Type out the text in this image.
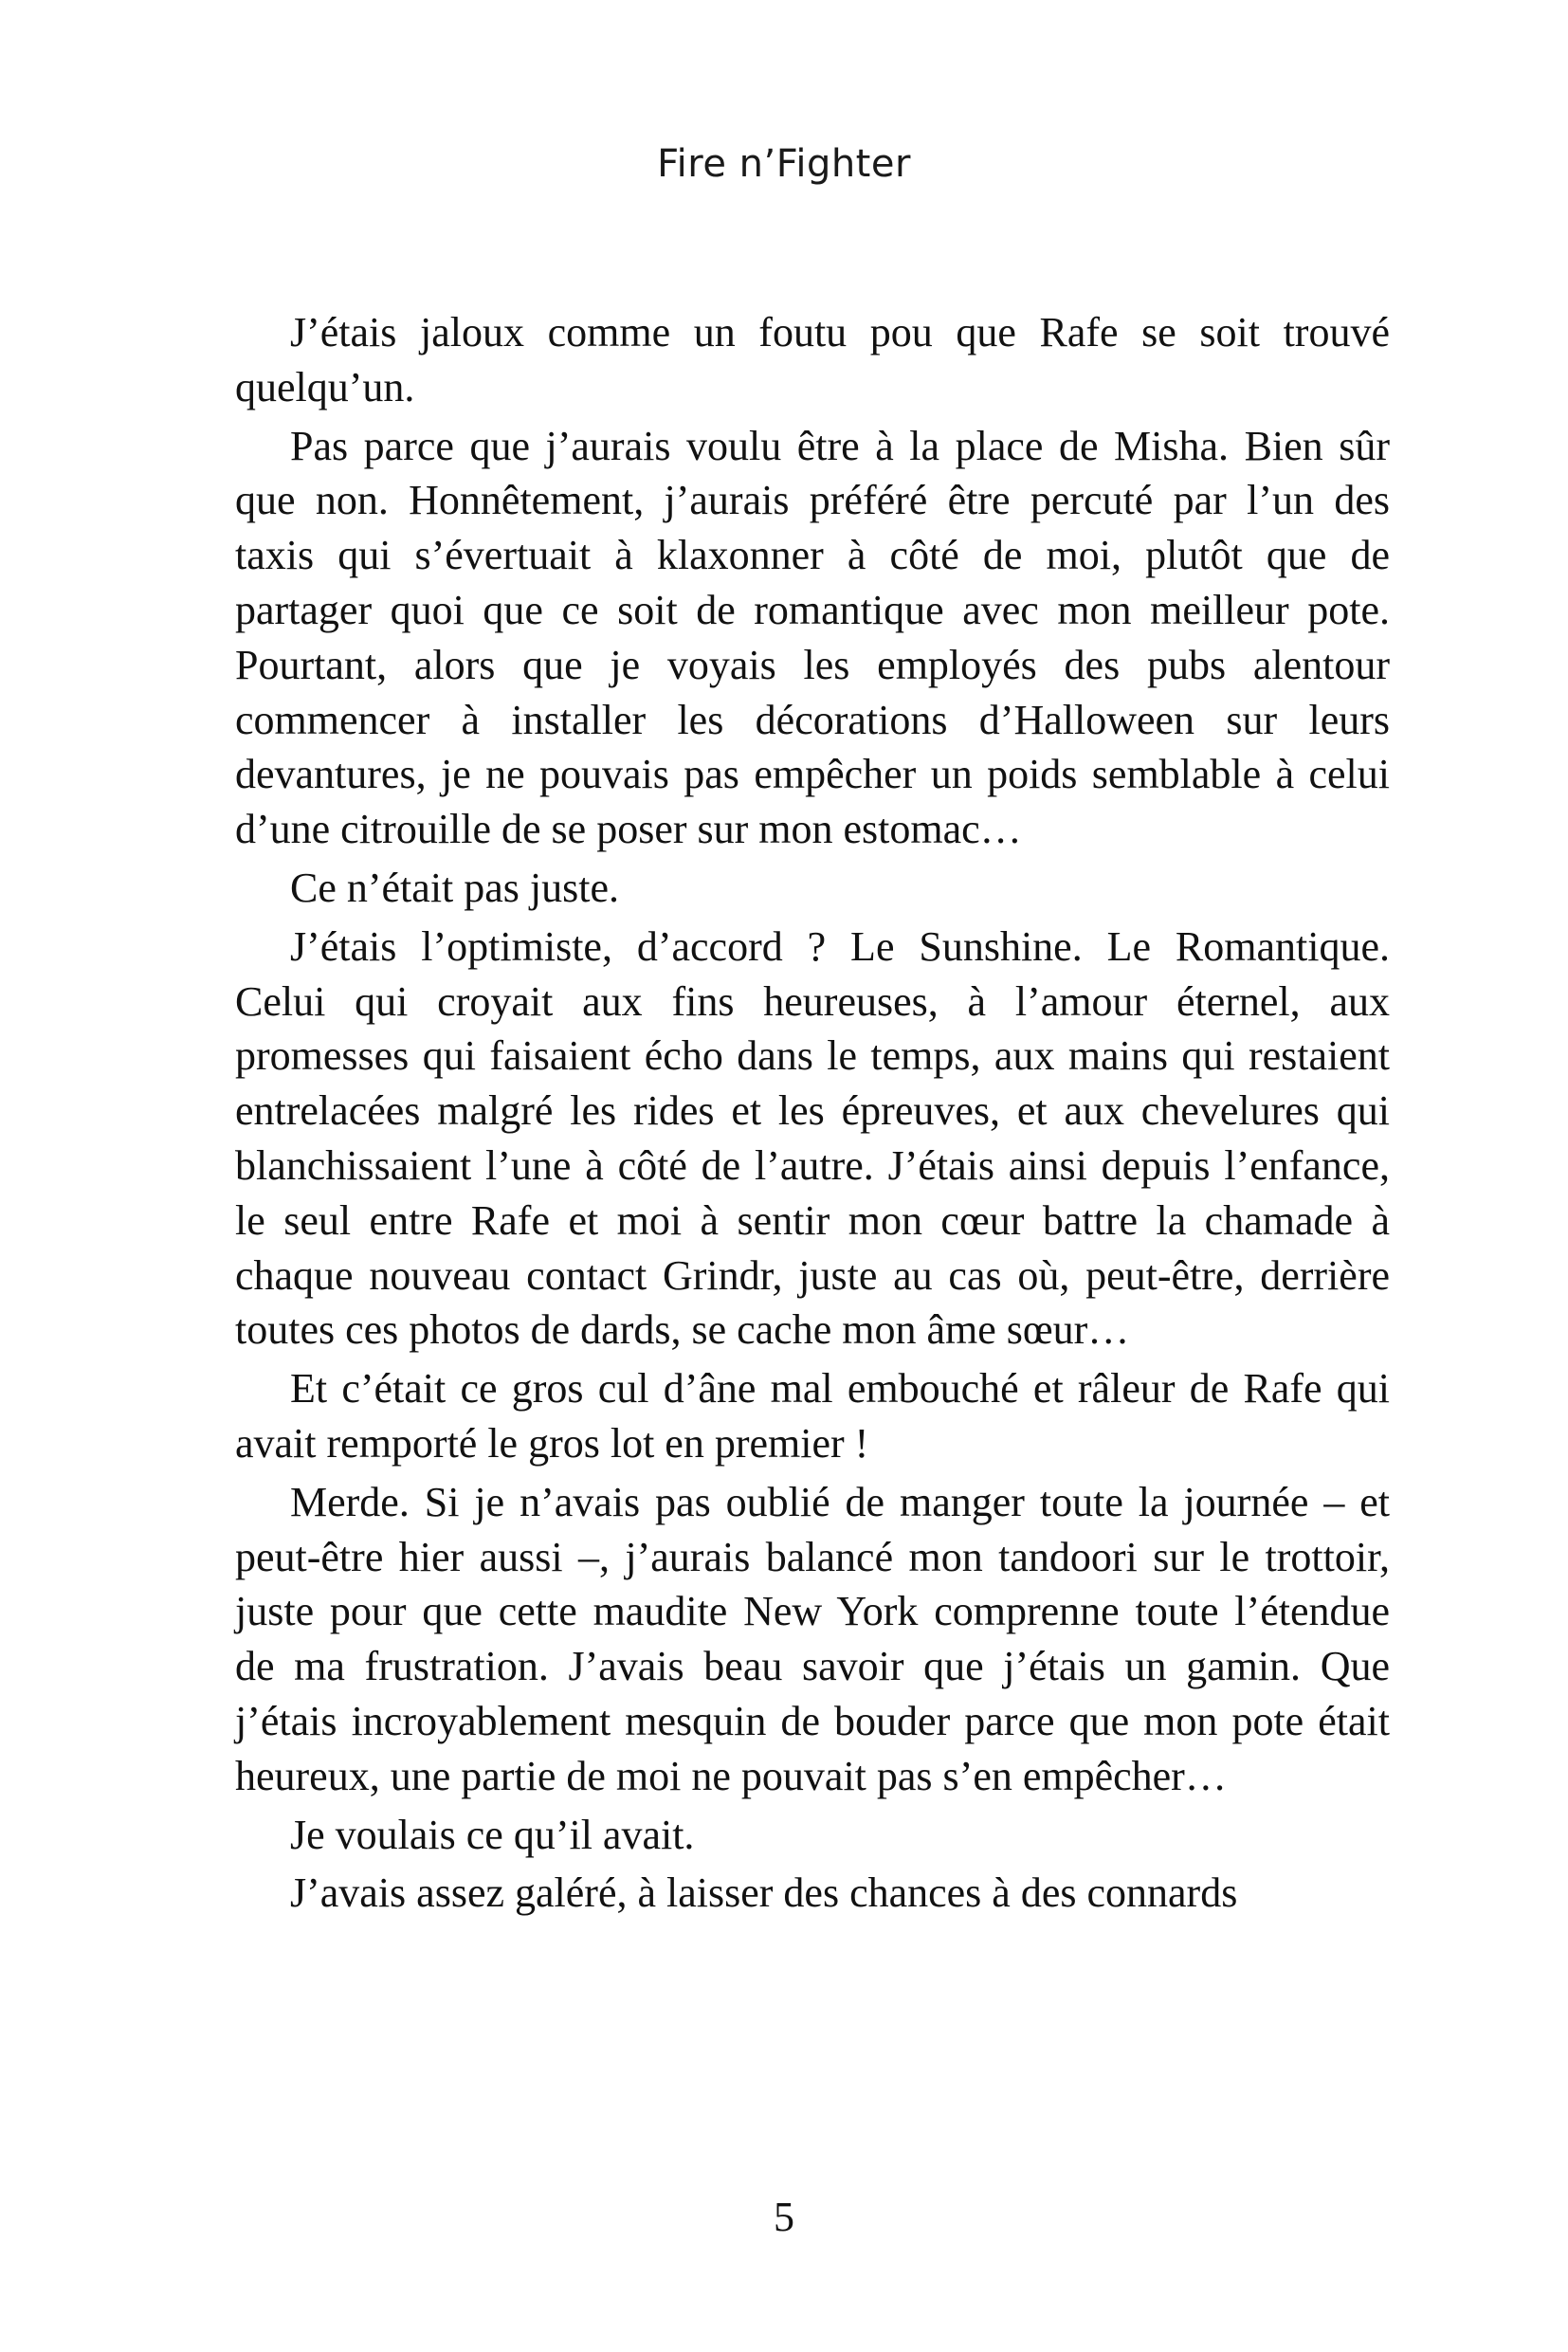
Fire n’Fighter

J’étais jaloux comme un foutu pou que Rafe se soit trouvé quelqu’un.

Pas parce que j’aurais voulu être à la place de Misha. Bien sûr que non. Honnêtement, j’aurais préféré être percuté par l’un des taxis qui s’évertuait à klaxonner à côté de moi, plutôt que de partager quoi que ce soit de romantique avec mon meilleur pote. Pourtant, alors que je voyais les employés des pubs alentour commencer à installer les décorations d’Halloween sur leurs devantures, je ne pouvais pas empêcher un poids semblable à celui d’une citrouille de se poser sur mon estomac…

Ce n’était pas juste.

J’étais l’optimiste, d’accord ? Le Sunshine. Le Romantique. Celui qui croyait aux fins heureuses, à l’amour éternel, aux promesses qui faisaient écho dans le temps, aux mains qui restaient entrelacées malgré les rides et les épreuves, et aux chevelures qui blanchissaient l’une à côté de l’autre. J’étais ainsi depuis l’enfance, le seul entre Rafe et moi à sentir mon cœur battre la chamade à chaque nouveau contact Grindr, juste au cas où, peut-être, derrière toutes ces photos de dards, se cache mon âme sœur…

Et c’était ce gros cul d’âne mal embouché et râleur de Rafe qui avait remporté le gros lot en premier !

Merde. Si je n’avais pas oublié de manger toute la journée – et peut-être hier aussi –, j’aurais balancé mon tandoori sur le trottoir, juste pour que cette maudite New York comprenne toute l’étendue de ma frustration. J’avais beau savoir que j’étais un gamin. Que j’étais incroyablement mesquin de bouder parce que mon pote était heureux, une partie de moi ne pouvait pas s’en empêcher…

Je voulais ce qu’il avait.

J’avais assez galéré, à laisser des chances à des connards

5
